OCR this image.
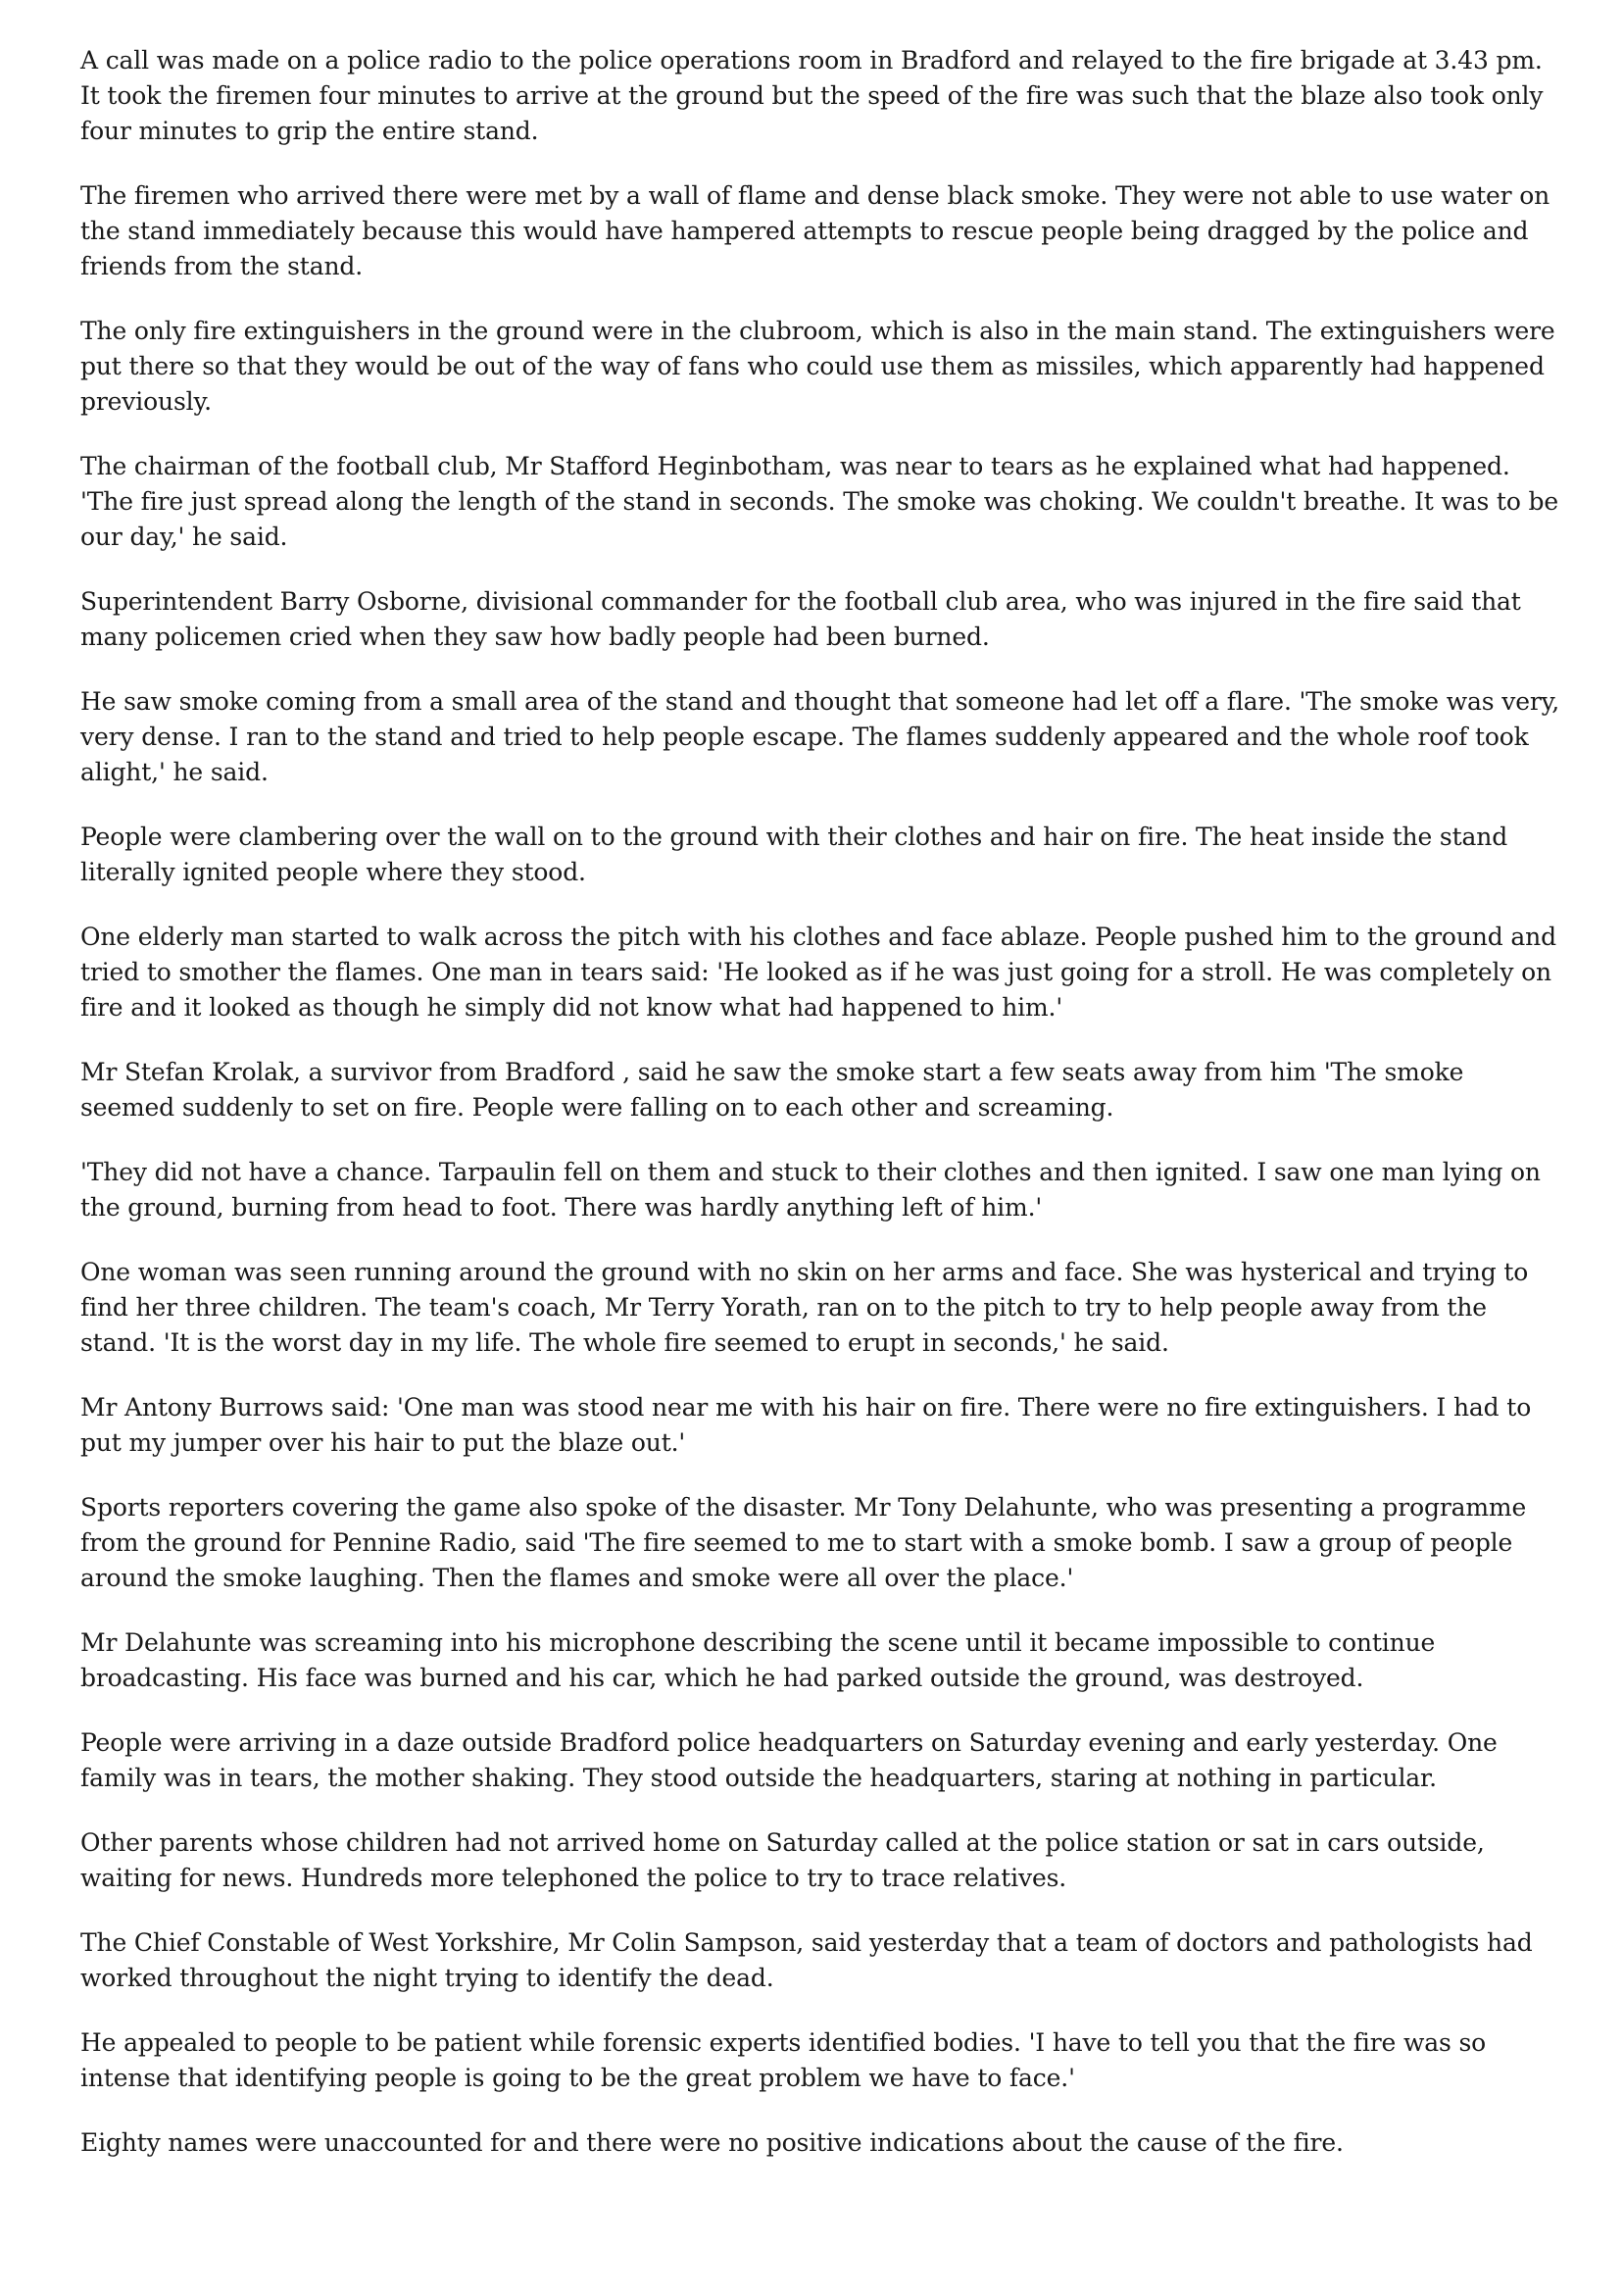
A call was made on a police radio to the police operations room in Bradford and relayed to the fire brigade at 3.43 pm. It took the firemen four minutes to arrive at the ground but the speed of the fire was such that the blaze also took only four minutes to grip the entire stand.

The firemen who arrived there were met by a wall of flame and dense black smoke. They were not able to use water on the stand immediately because this would have hampered attempts to rescue people being dragged by the police and friends from the stand.

The only fire extinguishers in the ground were in the clubroom, which is also in the main stand. The extinguishers were put there so that they would be out of the way of fans who could use them as missiles, which apparently had happened previously.

The chairman of the football club, Mr Stafford Heginbotham, was near to tears as he explained what had happened. 'The fire just spread along the length of the stand in seconds. The smoke was choking. We couldn't breathe. It was to be our day,' he said.

Superintendent Barry Osborne, divisional commander for the football club area, who was injured in the fire said that many policemen cried when they saw how badly people had been burned.

He saw smoke coming from a small area of the stand and thought that someone had let off a flare. 'The smoke was very, very dense. I ran to the stand and tried to help people escape. The flames suddenly appeared and the whole roof took alight,' he said.

People were clambering over the wall on to the ground with their clothes and hair on fire. The heat inside the stand literally ignited people where they stood.

One elderly man started to walk across the pitch with his clothes and face ablaze. People pushed him to the ground and tried to smother the flames. One man in tears said: 'He looked as if he was just going for a stroll. He was completely on fire and it looked as though he simply did not know what had happened to him.'

Mr Stefan Krolak, a survivor from Bradford , said he saw the smoke start a few seats away from him 'The smoke seemed suddenly to set on fire. People were falling on to each other and screaming.

'They did not have a chance. Tarpaulin fell on them and stuck to their clothes and then ignited. I saw one man lying on the ground, burning from head to foot. There was hardly anything left of him.'

One woman was seen running around the ground with no skin on her arms and face. She was hysterical and trying to find her three children. The team's coach, Mr Terry Yorath, ran on to the pitch to try to help people away from the stand. 'It is the worst day in my life. The whole fire seemed to erupt in seconds,' he said.

Mr Antony Burrows said: 'One man was stood near me with his hair on fire. There were no fire extinguishers. I had to put my jumper over his hair to put the blaze out.'

Sports reporters covering the game also spoke of the disaster. Mr Tony Delahunte, who was presenting a programme from the ground for Pennine Radio, said 'The fire seemed to me to start with a smoke bomb. I saw a group of people around the smoke laughing. Then the flames and smoke were all over the place.'

Mr Delahunte was screaming into his microphone describing the scene until it became impossible to continue broadcasting. His face was burned and his car, which he had parked outside the ground, was destroyed.

People were arriving in a daze outside Bradford police headquarters on Saturday evening and early yesterday. One family was in tears, the mother shaking. They stood outside the headquarters, staring at nothing in particular.

Other parents whose children had not arrived home on Saturday called at the police station or sat in cars outside, waiting for news. Hundreds more telephoned the police to try to trace relatives.

The Chief Constable of West Yorkshire, Mr Colin Sampson, said yesterday that a team of doctors and pathologists had worked throughout the night trying to identify the dead.

He appealed to people to be patient while forensic experts identified bodies. 'I have to tell you that the fire was so intense that identifying people is going to be the great problem we have to face.'

Eighty names were unaccounted for and there were no positive indications about the cause of the fire.
